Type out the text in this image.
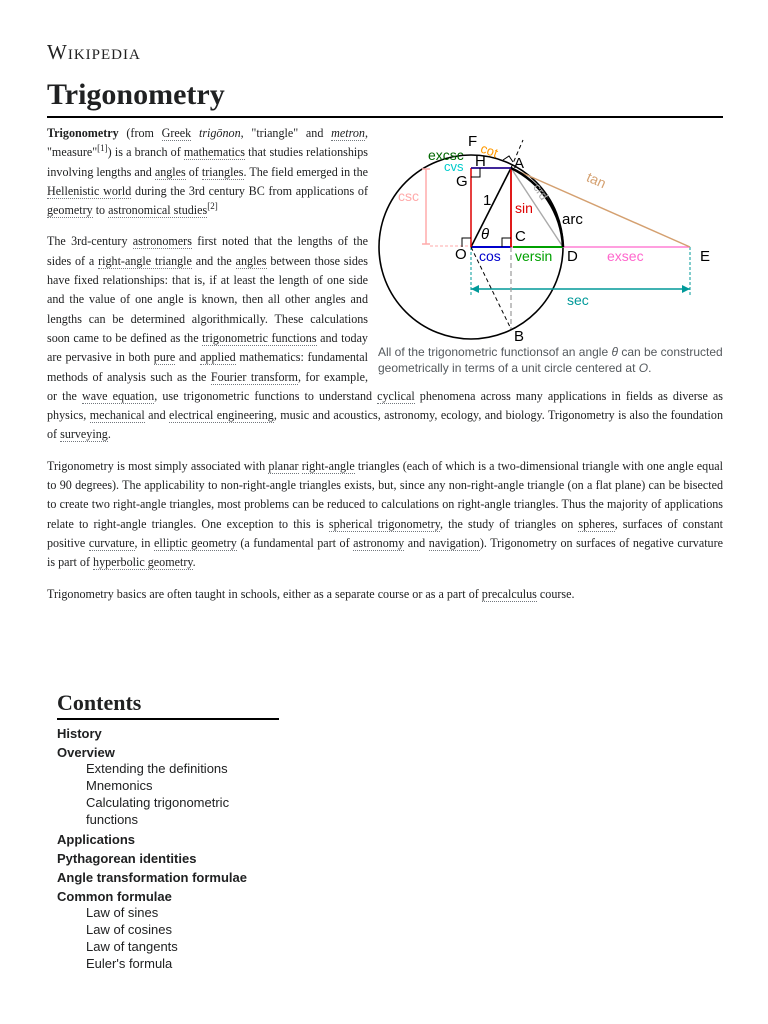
Wikipedia
Trigonometry
F
A
H
G
O
C
D	E
B
1
θ
arc
sin
cos versin	exsec
sec
excsc
cvs
csc
cot
tan
crd
All of the trigonometric functionsof an angle θ can be constructed geometrically in terms of a unit circle centered at O.

Trigonometry (from Greek trigōnon, "triangle" and metron, "measure"[1]) is a branch of mathematics that studies relationships involving lengths and angles of triangles. The field emerged in the Hellenistic world during the 3rd century BC from applications of geometry to astronomical studies[2]

The 3rd-century astronomers first noted that the lengths of the sides of a right-angle triangle and the angles between those sides have fixed relationships: that is, if at least the length of one side and the value of one angle is known, then all other angles and lengths can be determined algorithmically. These calculations soon came to be defined as the trigonometric functions and today are pervasive in both pure and applied mathematics: fundamental methods of analysis such as the Fourier transform, for example, or the wave equation, use trigonometric functions to understand cyclical phenomena across many applications in fields as diverse as physics, mechanical and electrical engineering, music and acoustics, astronomy, ecology, and biology. Trigonometry is also the foundation of surveying.

Trigonometry is most simply associated with planar right-angle triangles (each of which is a two-dimensional triangle with one angle equal to 90 degrees). The applicability to non-right-angle triangles exists, but, since any non-right-angle triangle (on a flat plane) can be bisected to create two right-angle triangles, most problems can be reduced to calculations on right-angle triangles. Thus the majority of applications relate to right-angle triangles. One exception to this is spherical trigonometry, the study of triangles on spheres, surfaces of constant positive curvature, in elliptic geometry (a fundamental part of astronomy and navigation). Trigonometry on surfaces of negative curvature is part of hyperbolic geometry.

Trigonometry basics are often taught in schools, either as a separate course or as a part of precalculus course.

Contents
History
Overview
Extending the definitions
Mnemonics
Calculating trigonometric functions
Applications
Pythagorean identities
Angle transformation formulae
Common formulae
Law of sines
Law of cosines
Law of tangents
Euler's formula
